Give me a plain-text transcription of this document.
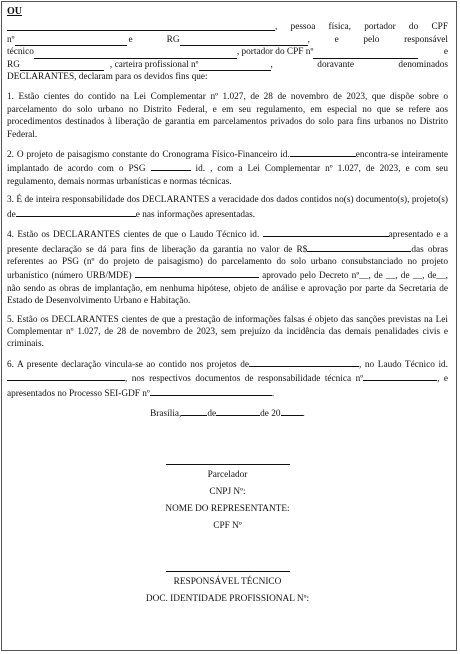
OU
, pessoa física, portador do CPF
nº	e	RG	, e pelo responsável
técnico	, portador do CPF nº	e
RG	, carteira profissional nº	, doravante denominados
DECLARANTES, declaram para os devidos fins que:

1. Estão cientes do contido na Lei Complementar nº 1.027, de 28 de novembro de 2023, que dispõe sobre o parcelamento do solo urbano no Distrito Federal, e em seu regulamento, em especial no que se refere aos procedimentos destinados à liberação de garantia em parcelamentos privados do solo para fins urbanos no Distrito Federal.

2. O projeto de paisagismo constante do Cronograma Físico-Financeiro id.	encontra-se inteiramente implantado de acordo com o PSG	id. , com a Lei Complementar nº 1.027, de 2023, e com seu regulamento, demais normas urbanísticas e normas técnicas.

3. É de inteira responsabilidade dos DECLARANTES a veracidade dos dados contidos no(s) documento(s), projeto(s) de	e nas informações apresentadas.

4. Estão os DECLARANTES cientes de que o Laudo Técnico id.	apresentado e a presente declaração se dá para fins de liberação da garantia no valor de R$	das obras referentes ao PSG (nº do projeto de paisagismo) do parcelamento do solo urbano consubstanciado no projeto urbanístico (número URB/MDE)	aprovado pelo Decreto nº__, de __, de __, de__, não sendo as obras de implantação, em nenhuma hipótese, objeto de análise e aprovação por parte da Secretaria de Estado de Desenvolvimento Urbano e Habitação.

5. Estão os DECLARANTES cientes de que a prestação de informações falsas é objeto das sanções previstas na Lei Complementar nº 1.027, de 28 de novembro de 2023, sem prejuízo da incidência das demais penalidades civis e criminais.

6. A presente declaração vincula-se ao contido nos projetos de	, no Laudo Técnico id., nos respectivos documentos de responsabilidade técnica nº	, e apresentados no Processo SEI-GDF nº	.

Brasília,	de	de 20 .
Parcelador
CNPJ Nº:
NOME DO REPRESENTANTE:
CPF Nº
RESPONSÁVEL TÉCNICO
DOC. IDENTIDADE PROFISSIONAL Nº:
